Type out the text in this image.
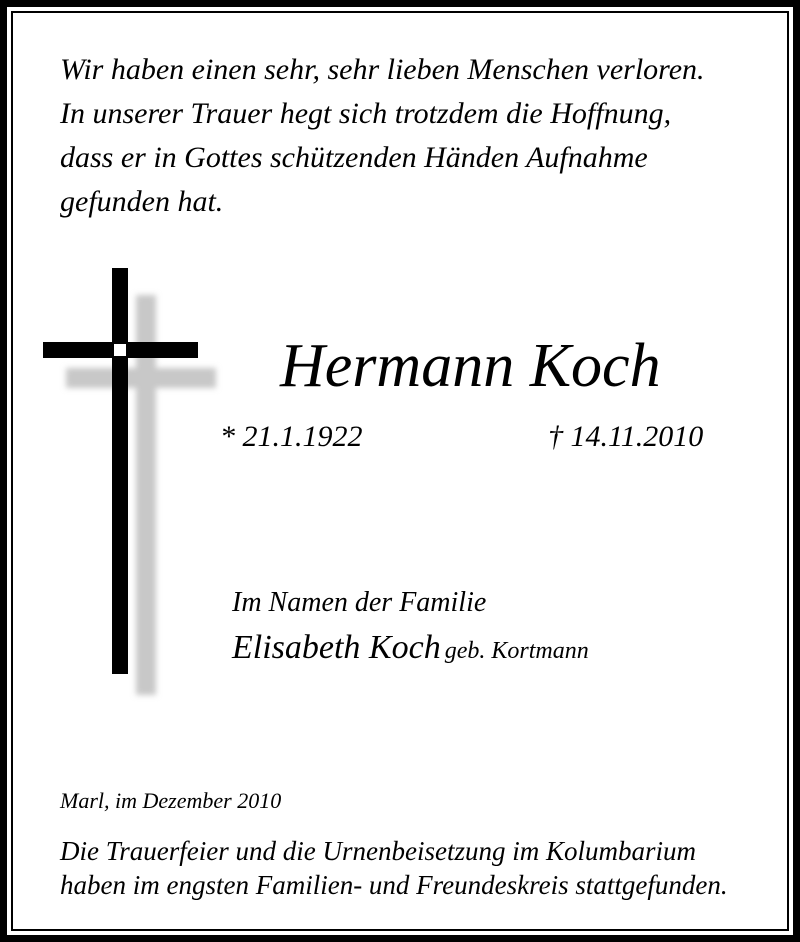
Wir haben einen sehr, sehr lieben Menschen verloren.
In unserer Trauer hegt sich trotzdem die Hoffnung,
dass er in Gottes schützenden Händen Aufnahme
gefunden hat.
Hermann Koch
* 21.1.1922	† 14.11.2010
Im Namen der Familie
Elisabeth Koch geb. Kortmann
Marl, im Dezember 2010
Die Trauerfeier und die Urnenbeisetzung im Kolumbarium
haben im engsten Familien- und Freundeskreis stattgefunden.
